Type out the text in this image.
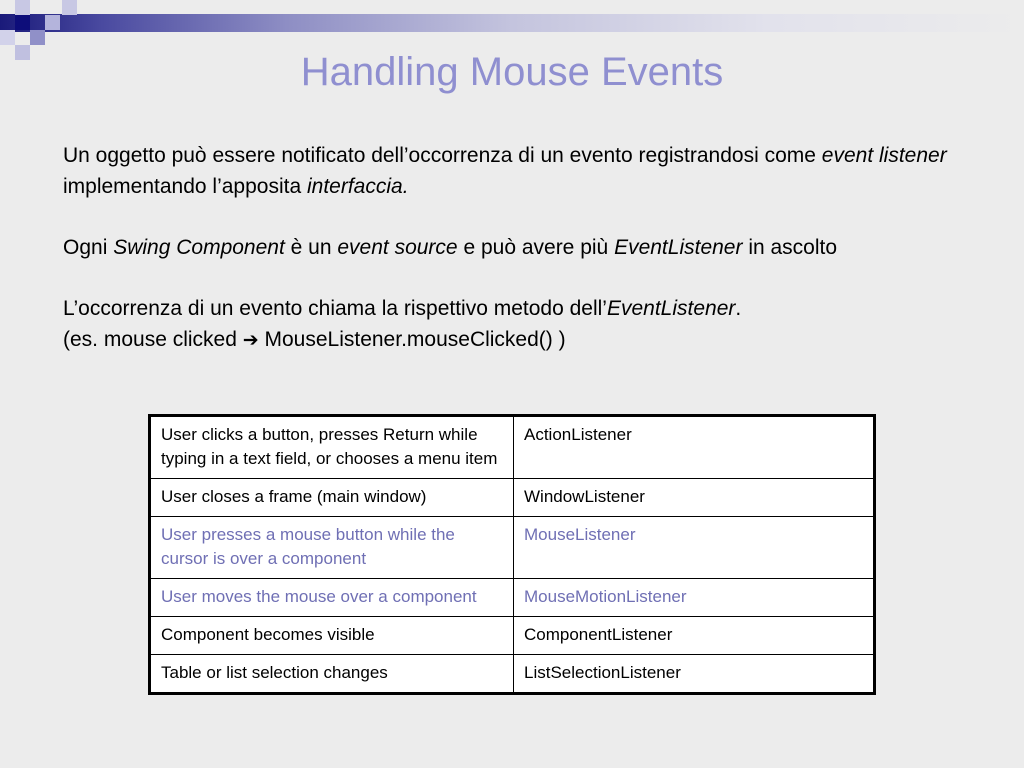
Handling Mouse Events

Un oggetto può essere notificato dell’occorrenza di un evento registrandosi come event listener implementando l’apposita interfaccia.

Ogni Swing Component è un event source e può avere più EventListener in ascolto

L’occorrenza di un evento chiama la rispettivo metodo dell’EventListener.
(es. mouse clicked ➔ MouseListener.mouseClicked() )

User clicks a button, presses Return while typing in a text field, or chooses a menu item	ActionListener
User closes a frame (main window)	WindowListener
User presses a mouse button while the cursor is over a component	MouseListener
User moves the mouse over a component	MouseMotionListener
Component becomes visible	ComponentListener
Table or list selection changes	ListSelectionListener
